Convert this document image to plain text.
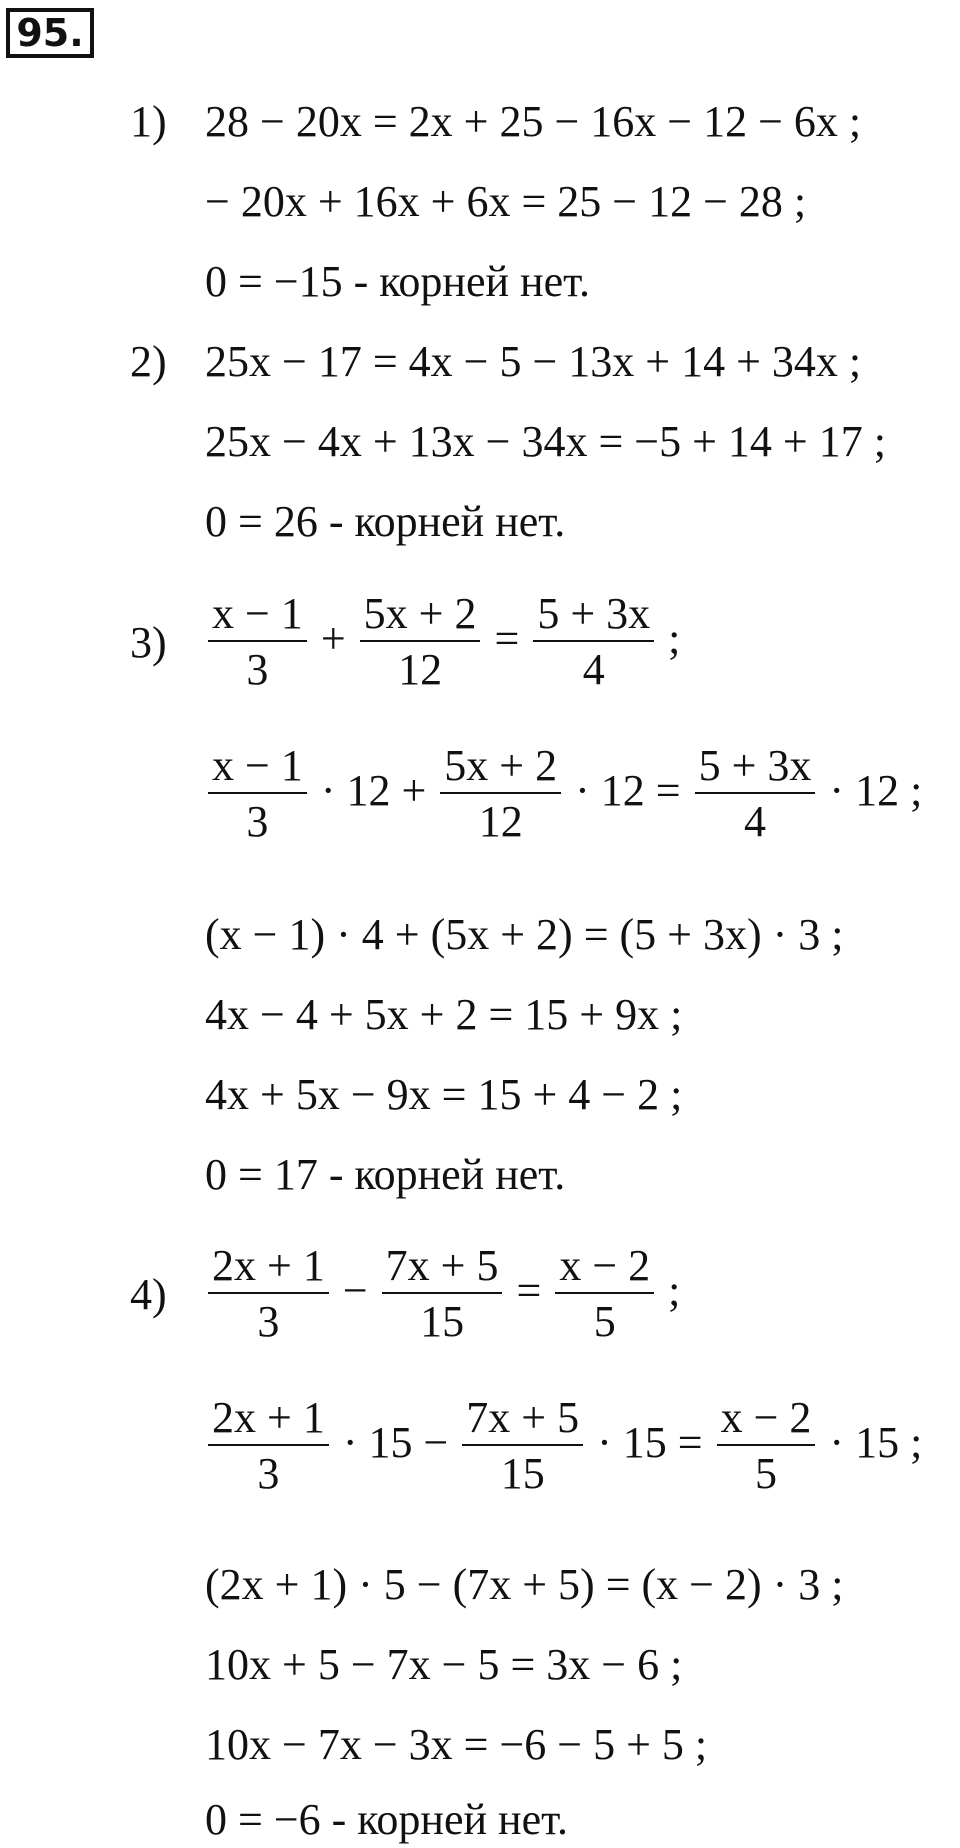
95.
1) 28 − 20x = 2x + 25 − 16x − 12 − 6x ;
− 20x + 16x + 6x = 25 − 12 − 28 ;
0 = −15 - корней нет.
2) 25x − 17 = 4x − 5 − 13x + 14 + 34x ;
25x − 4x + 13x − 34x = −5 + 14 + 17 ;
0 = 26 - корней нет.
$3) \frac{x - 1}{3} + \frac{5x + 2}{12} = \frac{5 + 3x}{4}$ ;
$\frac{x - 1}{3} \cdot 12 + \frac{5x + 2}{12} \cdot 12 = \frac{5 + 3x}{4} \cdot 12$ ;
(x − 1) · 4 + (5x + 2) = (5 + 3x) · 3 ;
4x − 4 + 5x + 2 = 15 + 9x ;
4x + 5x − 9x = 15 + 4 − 2 ;
0 = 17 - корней нет.
$4) \frac{2x + 1}{3} - \frac{7x + 5}{15} = \frac{x - 2}{5}$ ;
$\frac{2x + 1}{3} \cdot 15 - \frac{7x + 5}{15} \cdot 15 = \frac{x - 2}{5} \cdot 15$ ;
(2x + 1) · 5 − (7x + 5) = (x − 2) · 3 ;
10x + 5 − 7x − 5 = 3x − 6 ;
10x − 7x − 3x = −6 − 5 + 5 ;
0 = −6 - корней нет.
